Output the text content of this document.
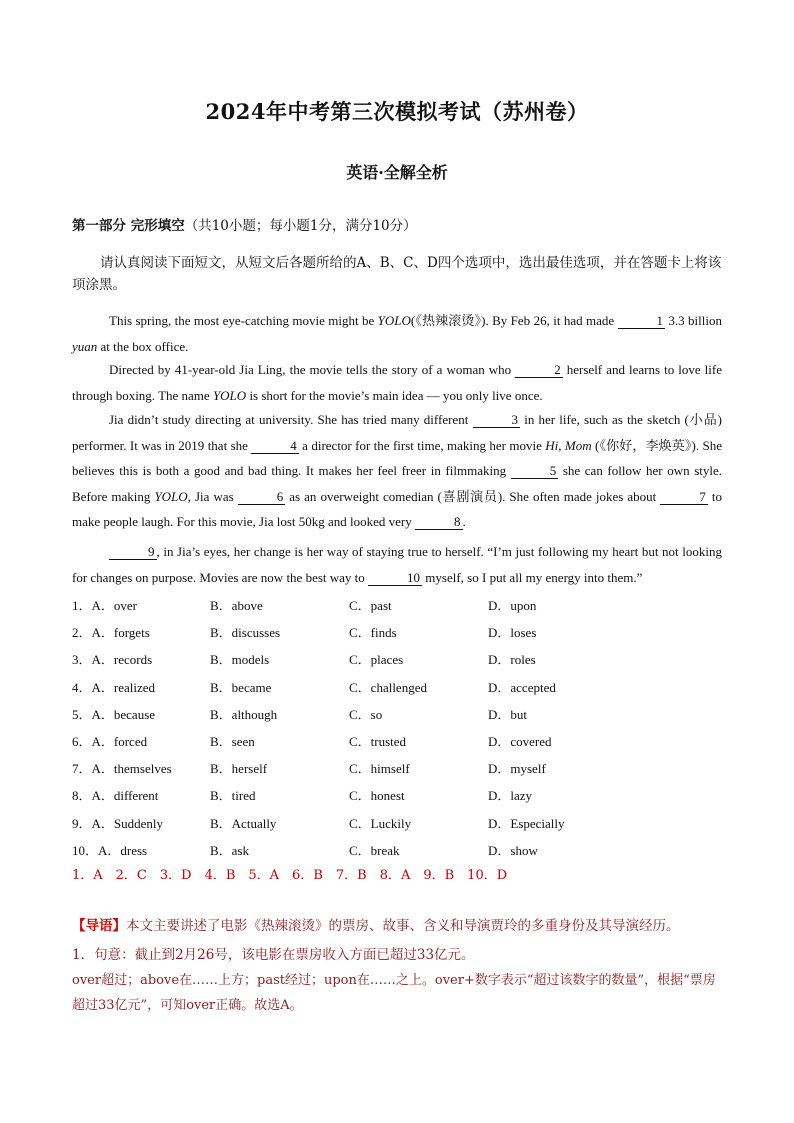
2024年中考第三次模拟考试（苏州卷）
英语·全解全析
第一部分 完形填空（共10小题；每小题1分，满分10分）
请认真阅读下面短文，从短文后各题所给的A、B、C、D四个选项中，选出最佳选项，并在答题卡上将该项涂黑。

This spring, the most eye-catching movie might be YOLO(《热辣滚烫》). By Feb 26, it had made	1 3.3 billion yuan at the box office.

Directed by 41-year-old Jia Ling, the movie tells the story of a woman who	2 herself and learns to love life through boxing. The name YOLO is short for the movie’s main idea — you only live once.

Jia didn’t study directing at university. She has tried many different	3 in her life, such as the sketch (小品) performer. It was in 2019 that she	4 a director for the first time, making her movie Hi, Mom (《你好，李焕英》). She believes this is both a good and bad thing. It makes her feel freer in filmmaking	5 she can follow her own style. Before making YOLO, Jia was	6 as an overweight comedian (喜剧演员). She often made jokes about	7 to make people laugh. For this movie, Jia lost 50kg and looked very	8 .

9 , in Jia’s eyes, her change is her way of staying true to herself. “I’m just following my heart but not looking for changes on purpose. Movies are now the best way to	10 myself, so I put all my energy into them.”

1．A．over	B．above	C．past	D．upon
2．A．forgets	B．discusses	C．finds	D．loses
3．A．records	B．models	C．places	D．roles
4．A．realized	B．became	C．challenged	D．accepted
5．A．because	B．although	C．so	D．but
6．A．forced	B．seen	C．trusted	D．covered
7．A．themselves	B．herself	C．himself	D．myself
8．A．different	B．tired	C．honest	D．lazy
9．A．Suddenly	B．Actually	C．Luckily	D．Especially
10．A．dress	B．ask	C．break	D．show
1．A　2．C　3．D　4．B　5．A　6．B　7．B　8．A　9．B　10．D
【导语】本文主要讲述了电影《热辣滚烫》的票房、故事、含义和导演贾玲的多重身份及其导演经历。
1．句意：截止到2月26号，该电影在票房收入方面已超过33亿元。
over超过；above在……上方；past经过；upon在……之上。over+数字表示“超过该数字的数量”，根据“票房超过33亿元”，可知over正确。故选A。
